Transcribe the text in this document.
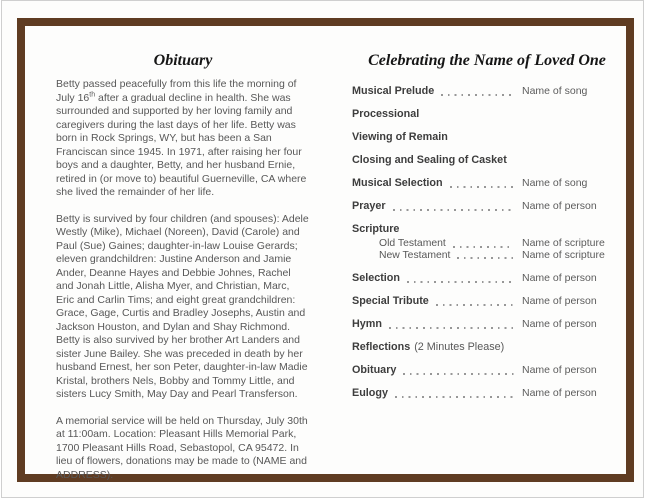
Obituary

Betty passed peacefully from this life the morning of July 16th after a gradual decline in health. She was surrounded and supported by her loving family and caregivers during the last days of her life. Betty was born in Rock Springs, WY, but has been a San Franciscan since 1945. In 1971, after raising her four boys and a daughter, Betty, and her husband Ernie, retired in (or move to) beautiful Guerneville, CA where she lived the remainder of her life.

Betty is survived by four children (and spouses): Adele Westly (Mike), Michael (Noreen), David (Carole) and Paul (Sue) Gaines; daughter-in-law Louise Gerards; eleven grandchildren: Justine Anderson and Jamie Ander, Deanne Hayes and Debbie Johnes, Rachel and Jonah Little, Alisha Myer, and Christian, Marc, Eric and Carlin Tims; and eight great grandchildren: Grace, Gage, Curtis and Bradley Josephs, Austin and Jackson Houston, and Dylan and Shay Richmond. Betty is also survived by her brother Art Landers and sister June Bailey. She was preceded in death by her husband Ernest, her son Peter, daughter-in-law Madie Kristal, brothers Nels, Bobby and Tommy Little, and sisters Lucy Smith, May Day and Pearl Transferson.

A memorial service will be held on Thursday, July 30th at 11:00am. Location: Pleasant Hills Memorial Park, 1700 Pleasant Hills Road, Sebastopol, CA 95472. In lieu of flowers, donations may be made to (NAME and ADDRESS).

Celebrating the Name of Loved One
Musical Prelude	Name of song
Processional
Viewing of Remain
Closing and Sealing of Casket
Musical Selection	Name of song
Prayer	Name of person
Scripture
Old Testament	Name of scripture
New Testament	Name of scripture
Selection	Name of person
Special Tribute	Name of person
Hymn	Name of person
Reflections (2 Minutes Please)
Obituary	Name of person
Eulogy	Name of person
